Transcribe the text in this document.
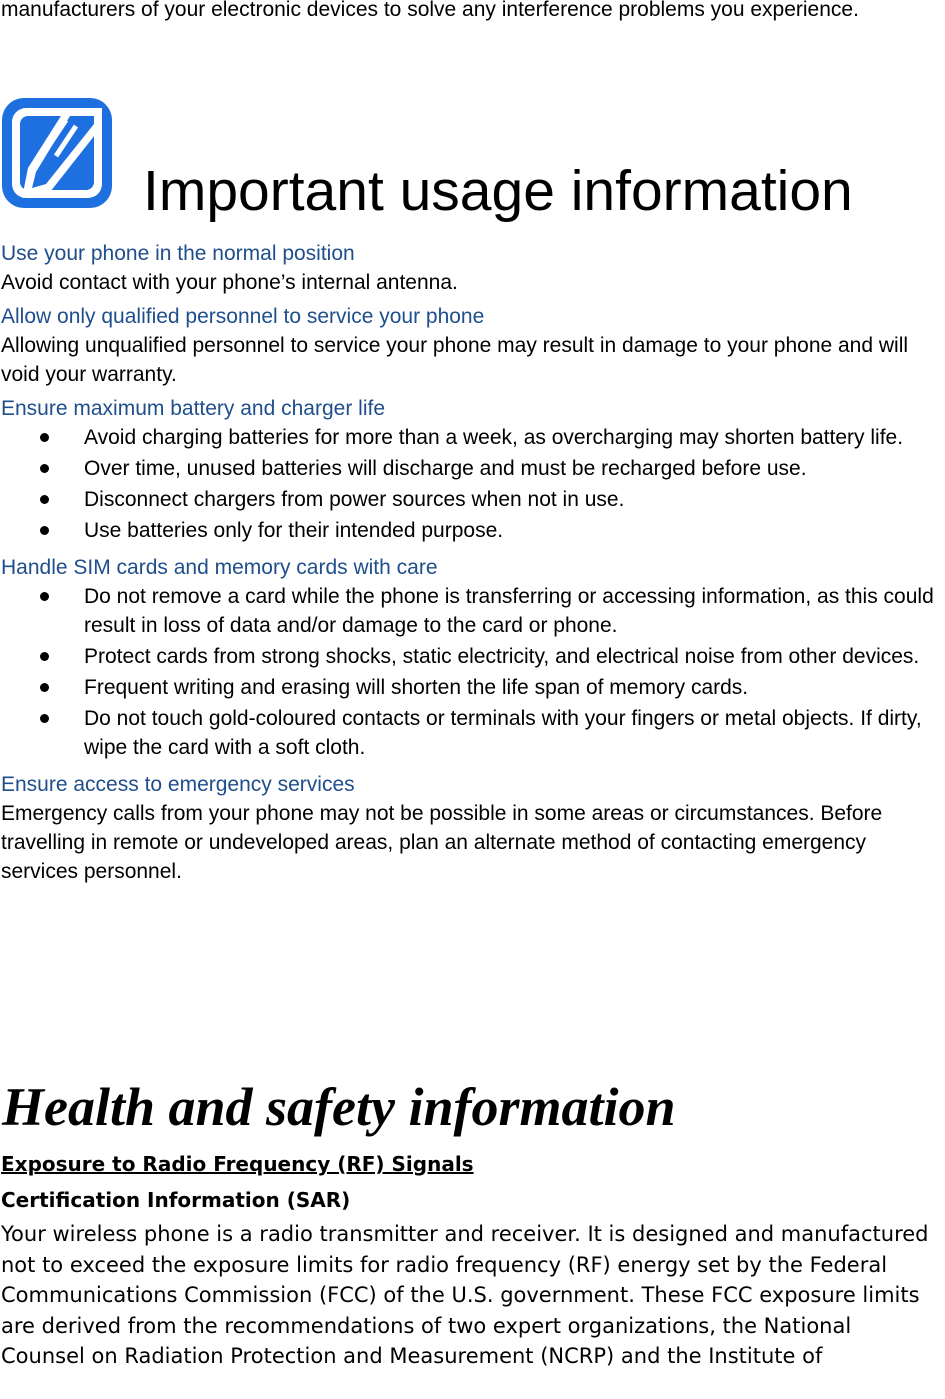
manufacturers of your electronic devices to solve any interference problems you experience.

Important usage information
Use your phone in the normal position

Avoid contact with your phone’s internal antenna.

Allow only qualified personnel to service your phone

Allowing unqualified personnel to service your phone may result in damage to your phone and will void your warranty.

Ensure maximum battery and charger life
Avoid charging batteries for more than a week, as overcharging may shorten battery life.
Over time, unused batteries will discharge and must be recharged before use.
Disconnect chargers from power sources when not in use.
Use batteries only for their intended purpose.
Handle SIM cards and memory cards with care
Do not remove a card while the phone is transferring or accessing information, as this could result in loss of data and/or damage to the card or phone.
Protect cards from strong shocks, static electricity, and electrical noise from other devices.
Frequent writing and erasing will shorten the life span of memory cards.
Do not touch gold-coloured contacts or terminals with your fingers or metal objects. If dirty, wipe the card with a soft cloth.
Ensure access to emergency services

Emergency calls from your phone may not be possible in some areas or circumstances. Before travelling in remote or undeveloped areas, plan an alternate method of contacting emergency services personnel.

Health and safety information
Exposure to Radio Frequency (RF) Signals
Certification Information (SAR)

Your wireless phone is a radio transmitter and receiver. It is designed and manufactured not to exceed the exposure limits for radio frequency (RF) energy set by the Federal Communications Commission (FCC) of the U.S. government. These FCC exposure limits are derived from the recommendations of two expert organizations, the National Counsel on Radiation Protection and Measurement (NCRP) and the Institute of
